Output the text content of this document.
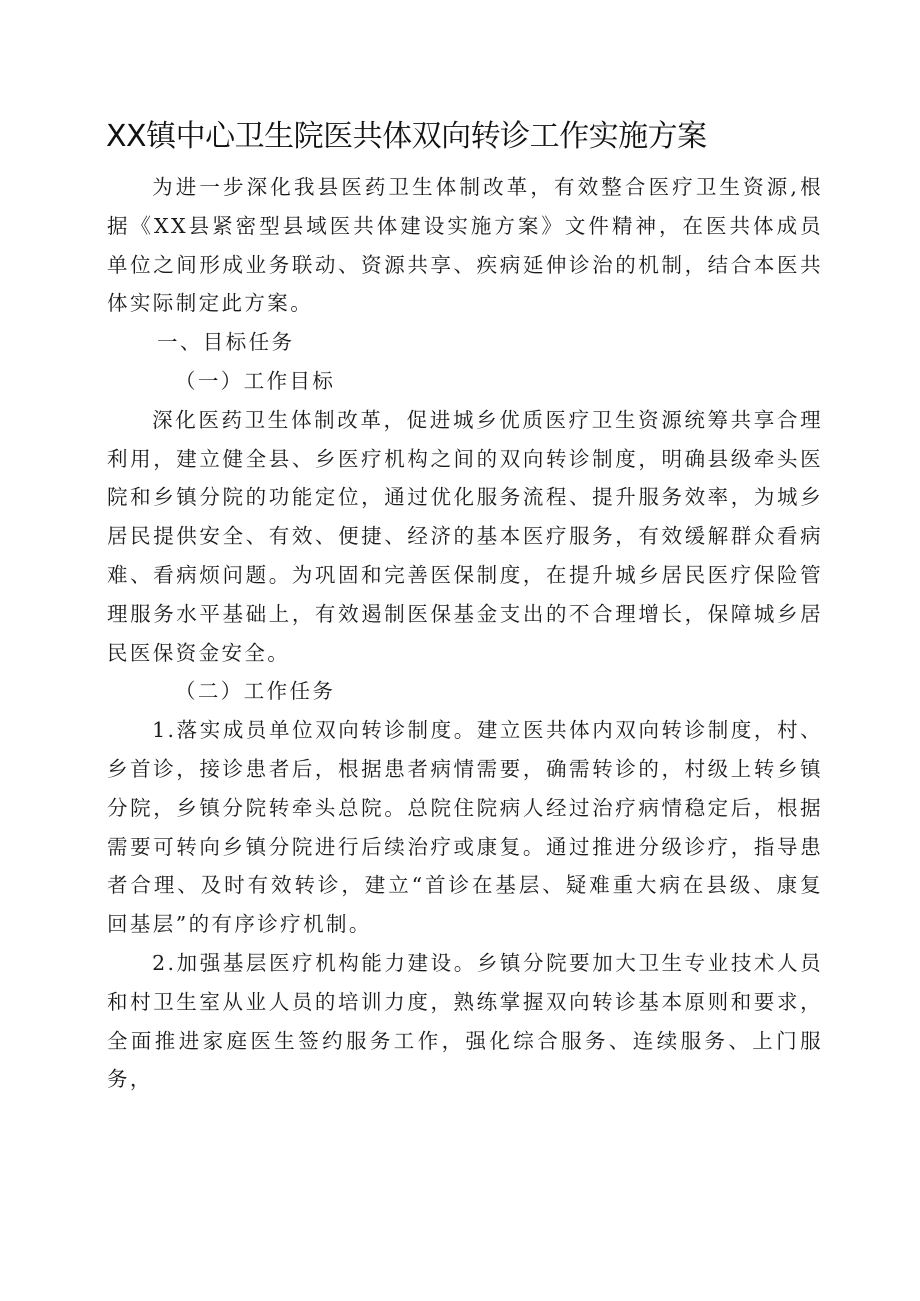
XX镇中心卫生院医共体双向转诊工作实施方案

为进一步深化我县医药卫生体制改革，有效整合医疗卫生资源,根据《XX县紧密型县域医共体建设实施方案》文件精神，在医共体成员单位之间形成业务联动、资源共享、疾病延伸诊治的机制，结合本医共体实际制定此方案。

一、目标任务

（一）工作目标

深化医药卫生体制改革，促进城乡优质医疗卫生资源统筹共享合理利用，建立健全县、乡医疗机构之间的双向转诊制度，明确县级牵头医院和乡镇分院的功能定位，通过优化服务流程、提升服务效率，为城乡居民提供安全、有效、便捷、经济的基本医疗服务，有效缓解群众看病难、看病烦问题。为巩固和完善医保制度，在提升城乡居民医疗保险管理服务水平基础上，有效遏制医保基金支出的不合理增长，保障城乡居民医保资金安全。

（二）工作任务

1.落实成员单位双向转诊制度。建立医共体内双向转诊制度，村、乡首诊，接诊患者后，根据患者病情需要，确需转诊的，村级上转乡镇分院，乡镇分院转牵头总院。总院住院病人经过治疗病情稳定后，根据需要可转向乡镇分院进行后续治疗或康复。通过推进分级诊疗，指导患者合理、及时有效转诊，建立“首诊在基层、疑难重大病在县级、康复回基层”的有序诊疗机制。

2.加强基层医疗机构能力建设。乡镇分院要加大卫生专业技术人员和村卫生室从业人员的培训力度，熟练掌握双向转诊基本原则和要求，全面推进家庭医生签约服务工作，强化综合服务、连续服务、上门服务，
